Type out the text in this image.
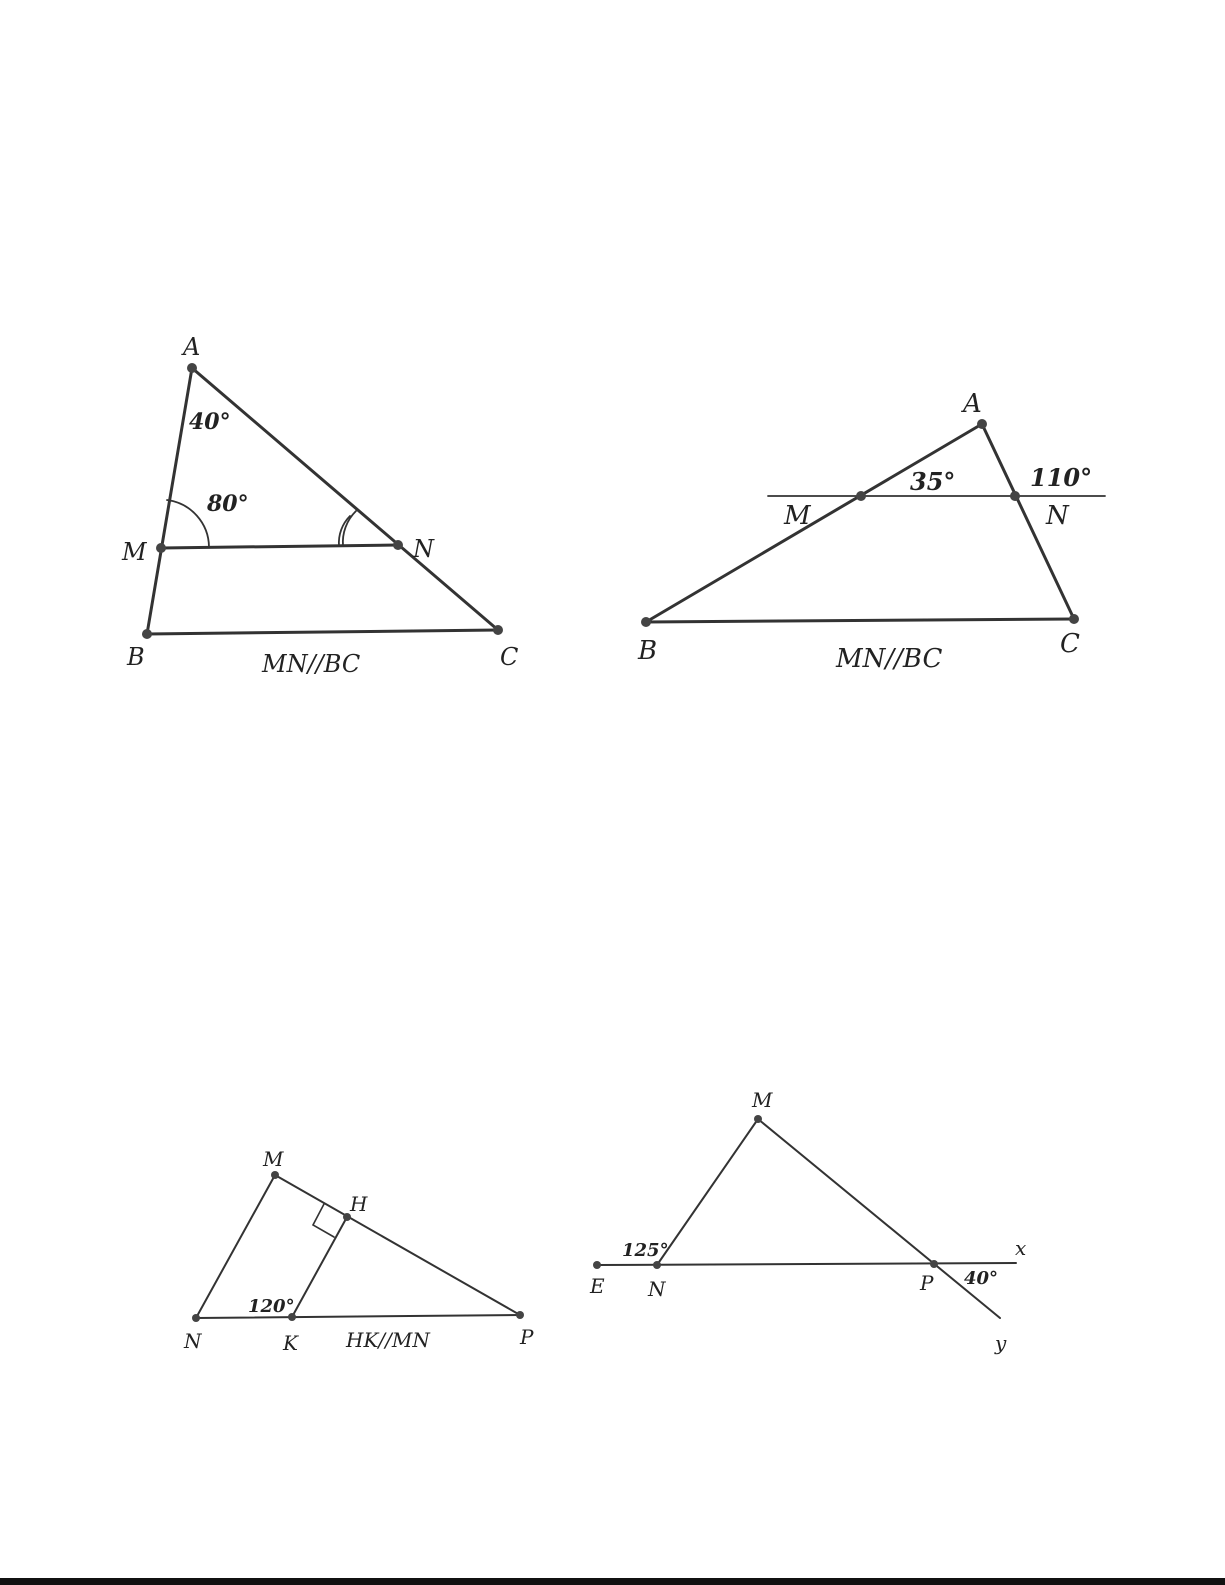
A
M	N
B	C
40°
80°
MN//BC
A
M	N
B	C
35°	110°
MN//BC
M
H
N	K	P
120°
HK//MN
M
E N	P
x
y
125°
40°
